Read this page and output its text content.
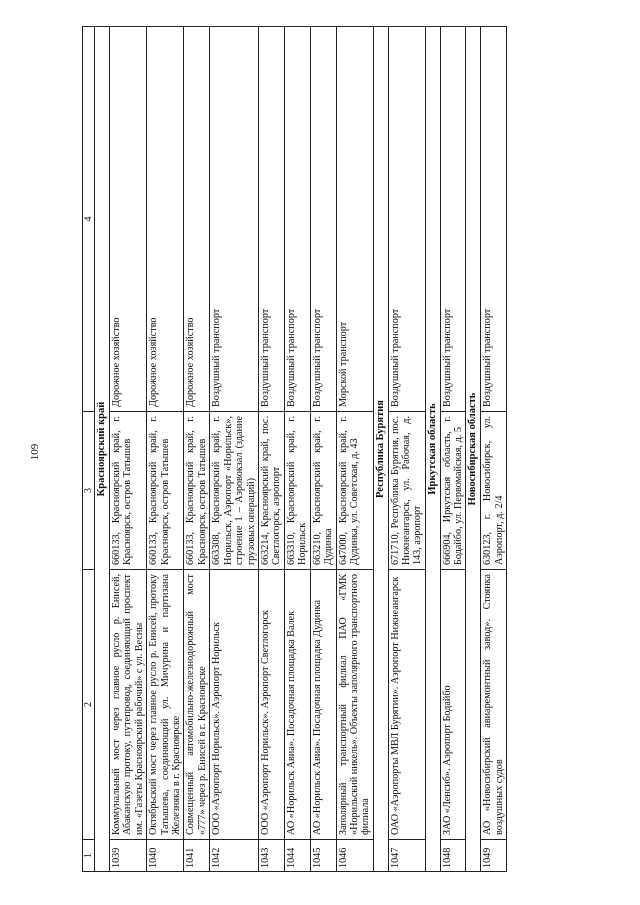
109
1	2	3	4
Красноярский край			
1039	Коммунальный мост через главное русло р. Енисей, Абаканскую протоку, путепровод, соединяющий проспект им. «Газеты Красноярский рабочий» с ул. Весны	660133, Красноярский край, г. Красноярск, остров Татышев	Дорожное хозяйство
1040	Октябрьский мост через главное русло р. Енисей, протоку Татышева, соединяющий ул. Мичурина и партизана Железняка в г. Красноярске	660133, Красноярский край, г. Красноярск, остров Татышев	Дорожное хозяйство
1041	Совмещенный автомобильно-железнодорожный мост «777» через р. Енисей в г. Красноярске	660133, Красноярский край, г. Красноярск, остров Татышев	Дорожное хозяйство
1042	ООО «Аэропорт Норильск». Аэропорт Норильск	663308, Красноярский край, г. Норильск, Аэропорт «Норильск», строение 1 – Аэровокзал (здание грузовых операций)	Воздушный транспорт
1043	ООО «Аэропорт Норильск». Аэропорт Светлогорск	663214, Красноярский край, пос. Светлогорск, аэропорт	Воздушный транспорт
1044	АО «Норильск Авиа». Посадочная площадка Валек	663310, Красноярский край, г. Норильск	Воздушный транспорт
1045	АО «Норильск Авиа». Посадочная площадка Дудинка	663210, Красноярский край, г. Дудинка	Воздушный транспорт
1046	Заполярный транспортный филиал ПАО «ГМК «Норильский никель». Объекты заполярного транспортного филиала	647000, Красноярский край, г. Дудинка, ул. Советская, д. 43	Морской транспорт
Республика Бурятия			
1047	ОАО «Аэропорты МВЛ Бурятии». Аэропорт Нижнеангарск	671710, Республика Бурятия, пос. Нижнеангарск, ул. Рабочая, д. 143, аэропорт	Воздушный транспорт
Иркутская область			
1048	ЗАО «Ленсиб». Аэропорт Бодайбо	666904, Иркутская область, г. Бодайбо, ул. Первомайская, д. 5	Воздушный транспорт
Новосибирская область			
1049	АО «Новосибирский авиаремонтный завод». Стоянка воздушных судов	630123, г. Новосибирск, ул. Аэропорт, д. 2/4	Воздушный транспорт
